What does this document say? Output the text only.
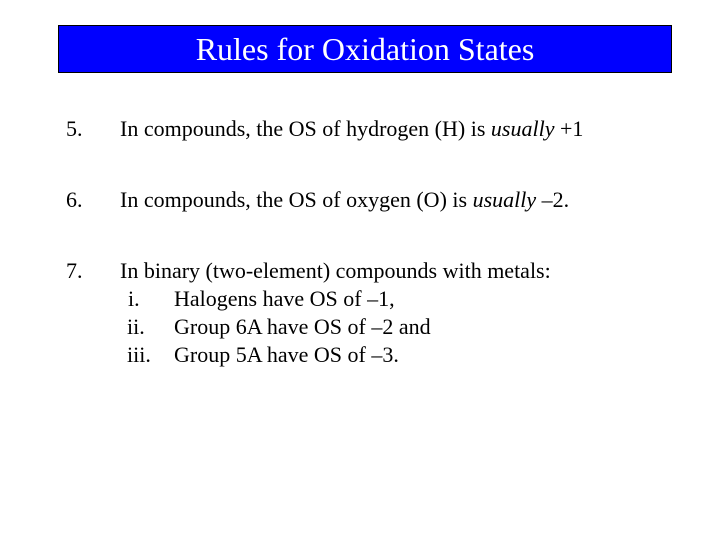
Rules for Oxidation States
5. In compounds, the OS of hydrogen (H) is usually +1
6. In compounds, the OS of oxygen (O) is usually –2.
7. In binary (two-element) compounds with metals:
i. Halogens have OS of –1,
ii. Group 6A have OS of –2 and
iii. Group 5A have OS of –3.
